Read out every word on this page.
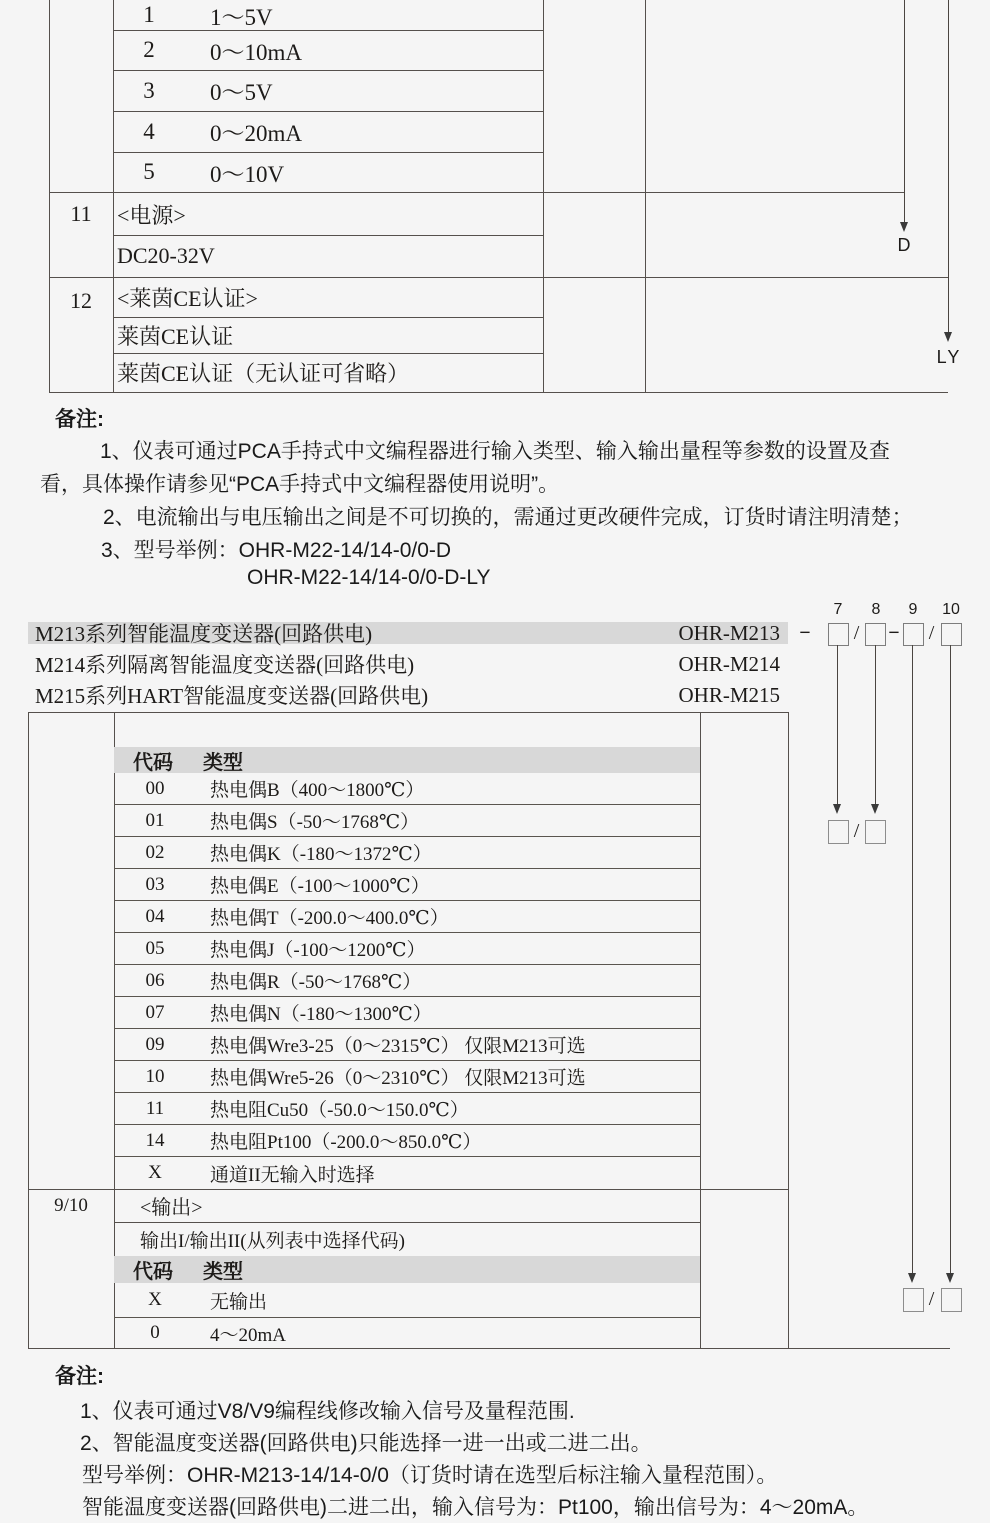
1	1～5V
2	0～10mA
3	0～5V
4	0～20mA
5	0～10V
11	<电源>
DC20-32V
12	<莱茵CE认证>
莱茵CE认证
莱茵CE认证（无认证可省略）
D
LY
备注:
1、仪表可通过PCA手持式中文编程器进行输入类型、输入输出量程等参数的设置及查
看，具体操作请参见“PCA手持式中文编程器使用说明”。
2、电流输出与电压输出之间是不可切换的，需通过更改硬件完成，订货时请注明清楚；
3、型号举例：OHR-M22-14/14-0/0-D
OHR-M22-14/14-0/0-D-LY
M213系列智能温度变送器(回路供电)	OHR-M213
M214系列隔离智能温度变送器(回路供电)	OHR-M214
M215系列HART智能温度变送器(回路供电)	OHR-M215
7	8	9	10
− / − /
/
/
代码 类型
00	热电偶B（400～1800℃）
01	热电偶S（-50～1768℃）
02	热电偶K（-180～1372℃）
03	热电偶E（-100～1000℃）
04	热电偶T（-200.0～400.0℃）
05	热电偶J（-100～1200℃）
06	热电偶R（-50～1768℃）
07	热电偶N（-180～1300℃）
09	热电偶Wre3-25（0～2315℃） 仅限M213可选
10	热电偶Wre5-26（0～2310℃） 仅限M213可选
11	热电阻Cu50（-50.0～150.0℃）
14	热电阻Pt100（-200.0～850.0℃）
X	通道II无输入时选择
9/10	<输出>
输出I/输出II(从列表中选择代码)
代码 类型
X	无输出
0	4～20mA
备注:
1、仪表可通过V8/V9编程线修改输入信号及量程范围.
2、智能温度变送器(回路供电)只能选择一进一出或二进二出。
型号举例：OHR-M213-14/14-0/0（订货时请在选型后标注输入量程范围）。
智能温度变送器(回路供电)二进二出，输入信号为：Pt100，输出信号为：4～20mA。
